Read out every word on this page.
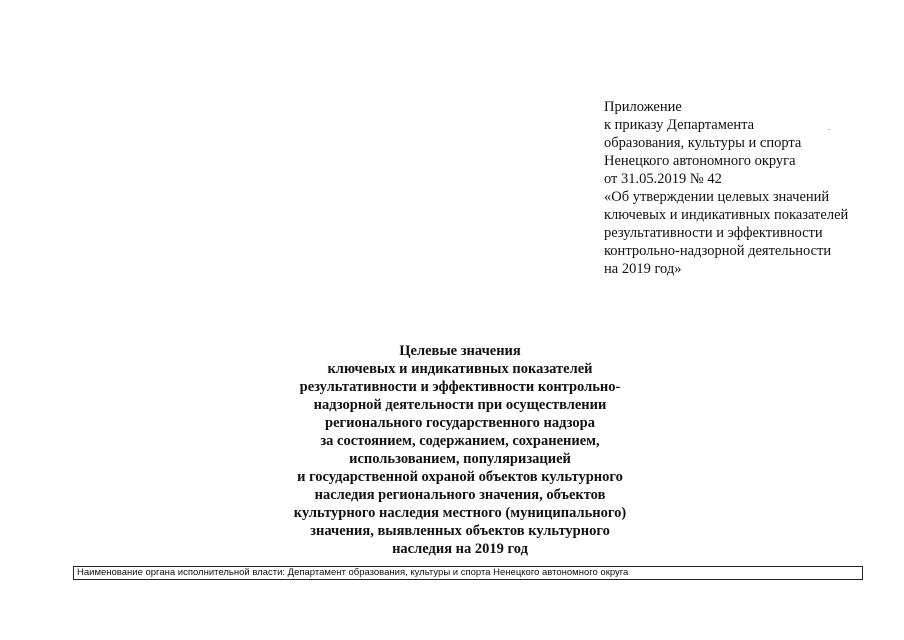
Приложение
к приказу Департамента
образования, культуры и спорта
Ненецкого автономного округа
от 31.05.2019 № 42
«Об утверждении целевых значений
ключевых и индикативных показателей
результативности и эффективности
контрольно-надзорной деятельности
на 2019 год»
Целевые значения
ключевых и индикативных показателей
результативности и эффективности контрольно-
надзорной деятельности при осуществлении
регионального государственного надзора
за состоянием, содержанием, сохранением,
использованием, популяризацией
и государственной охраной объектов культурного
наследия регионального значения, объектов
культурного наследия местного (муниципального)
значения, выявленных объектов культурного
наследия на 2019 год
Наименование органа исполнительной власти: Департамент образования, культуры и спорта Ненецкого автономного округа
